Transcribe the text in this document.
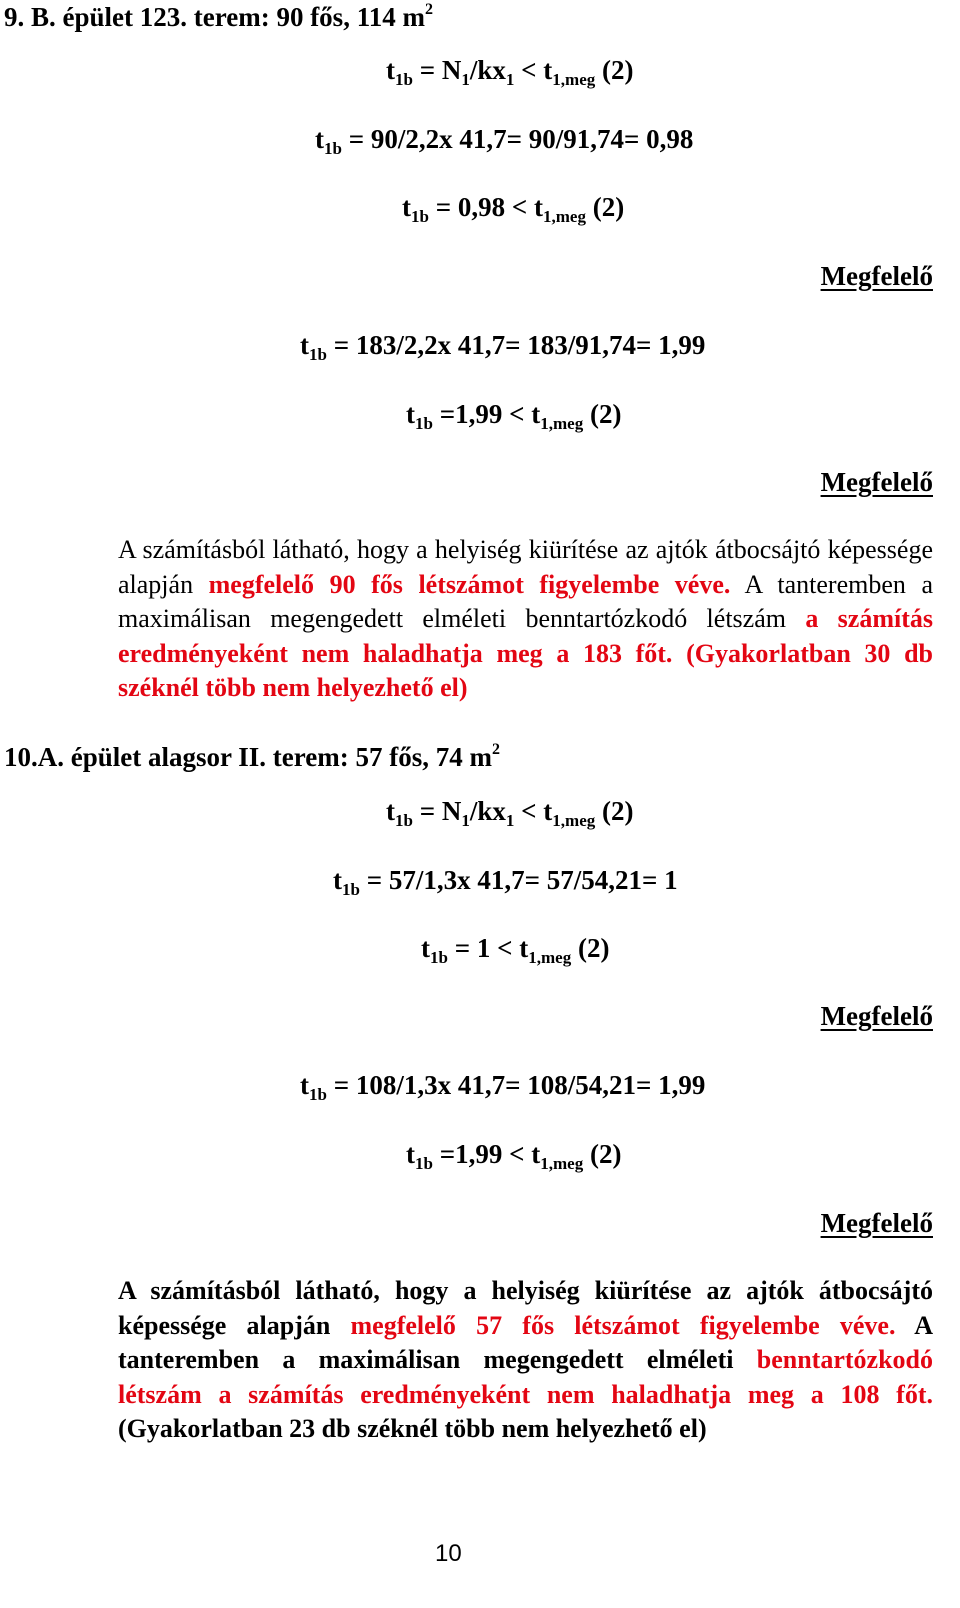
9. B. épület 123. terem: 90 fős, 114 $m^2$
$t_{1b} = N_1/kx_1 < t_{1,meg}$ (2)
$t_{1b} = 90/2,2x$ 41,7= 90/91,74= 0,98
$t_{1b} = 0,98 < t_{1,meg}$ (2)
Megfelelő
$t_{1b} = 183/2,2x$ 41,7= 183/91,74= 1,99
$t_{1b} =1,99 < t_{1,meg}$ (2)
Megfelelő
A számításból látható, hogy a helyiség kiürítése az ajtók átbocsájtó képessége alapján megfelelő 90 fős létszámot figyelembe véve. A tanteremben a maximálisan megengedett elméleti benntartózkodó létszám a számítás eredményeként nem haladhatja meg a 183 főt. (Gyakorlatban 30 db széknél több nem helyezhető el)
10.A. épület alagsor II. terem: 57 fős, 74 $m^2$
$t_{1b} = N_1/kx_1 < t_{1,meg}$ (2)
$t_{1b} = 57/1,3x$ 41,7= 57/54,21= 1
$t_{1b} = 1 < t_{1,meg}$ (2)
Megfelelő
$t_{1b} = 108/1,3x$ 41,7= 108/54,21= 1,99
$t_{1b} =1,99 < t_{1,meg}$ (2)
Megfelelő
A számításból látható, hogy a helyiség kiürítése az ajtók átbocsájtó képessége alapján megfelelő 57 fős létszámot figyelembe véve. A tanteremben a maximálisan megengedett elméleti benntartózkodó létszám a számítás eredményeként nem haladhatja meg a 108 főt. (Gyakorlatban 23 db széknél több nem helyezhető el)
10
